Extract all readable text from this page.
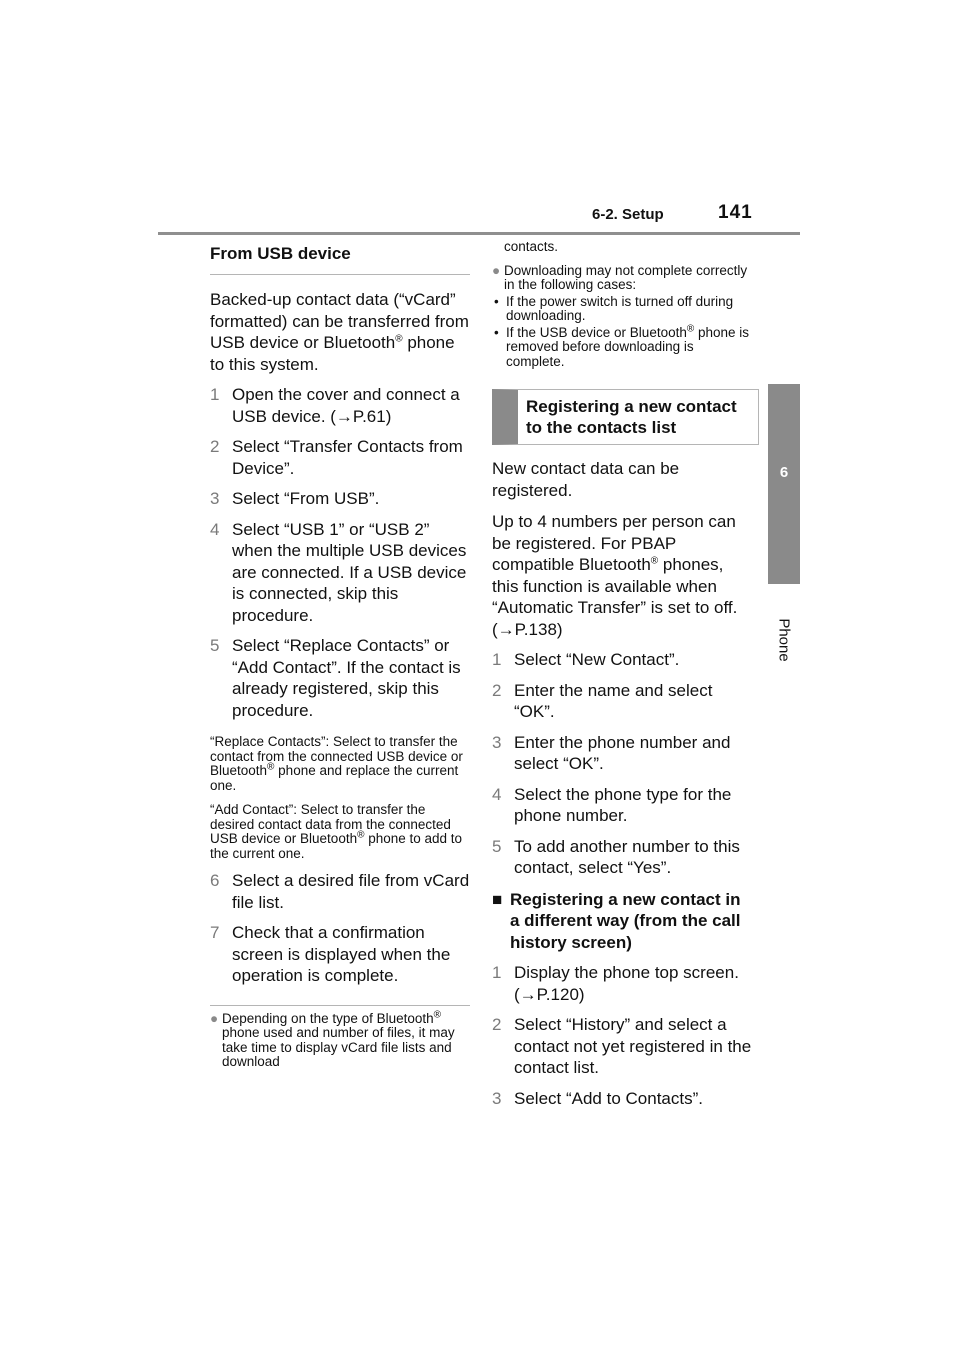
6-2. Setup	141
6
Phone
From USB device

Backed-up contact data (“vCard” formatted) can be transferred from USB device or Bluetooth® phone to this system.

1 Open the cover and connect a USB device. (→P.61)
2 Select “Transfer Contacts from Device”.
3 Select “From USB”.
4 Select “USB 1” or “USB 2” when the multiple USB devices are connected. If a USB device is connected, skip this procedure.
5 Select “Replace Contacts” or “Add Contact”. If the contact is already registered, skip this procedure.
“Replace Contacts”: Select to transfer the contact from the connected USB device or Bluetooth® phone and replace the current one.
“Add Contact”: Select to transfer the desired contact data from the connected USB device or Bluetooth® phone to add to the current one.
6 Select a desired file from vCard file list.
7 Check that a confirmation screen is displayed when the operation is complete.
● Depending on the type of Bluetooth® phone used and number of files, it may take time to display vCard file lists and download
contacts.
● Downloading may not complete correctly in the following cases:
• If the power switch is turned off during downloading.
• If the USB device or Bluetooth® phone is removed before downloading is complete.
Registering a new contact to the contacts list

New contact data can be registered.

Up to 4 numbers per person can be registered. For PBAP compatible Bluetooth® phones, this function is available when “Automatic Transfer” is set to off. (→P.138)

1 Select “New Contact”.
2 Enter the name and select “OK”.
3 Enter the phone number and select “OK”.
4 Select the phone type for the phone number.
5 To add another number to this contact, select “Yes”.
■ Registering a new contact in a different way (from the call history screen)
1 Display the phone top screen. (→P.120)
2 Select “History” and select a contact not yet registered in the contact list.
3 Select “Add to Contacts”.
